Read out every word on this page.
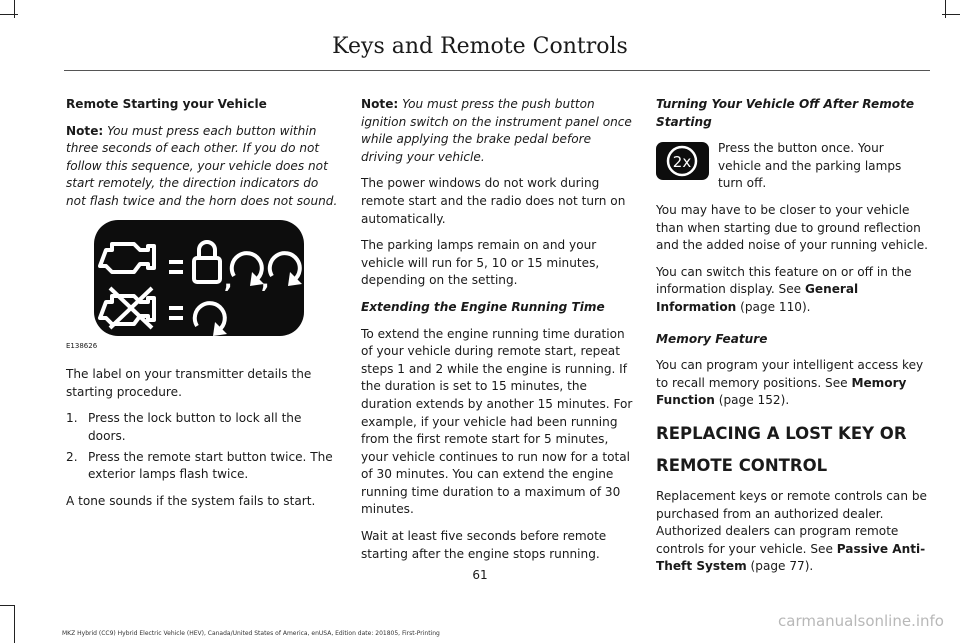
Keys and Remote Controls

Remote Starting your Vehicle

Note: You must press each button within three seconds of each other. If you do not follow this sequence, your vehicle does not start remotely, the direction indicators do not flash twice and the horn does not sound.

, ,
E138626

The label on your transmitter details the starting procedure.

1. Press the lock button to lock all the doors.
2. Press the remote start button twice. The exterior lamps flash twice.

A tone sounds if the system fails to start.

Note: You must press the push button ignition switch on the instrument panel once while applying the brake pedal before driving your vehicle.

The power windows do not work during remote start and the radio does not turn on automatically.

The parking lamps remain on and your vehicle will run for 5, 10 or 15 minutes, depending on the setting.

Extending the Engine Running Time

To extend the engine running time duration of your vehicle during remote start, repeat steps 1 and 2 while the engine is running. If the duration is set to 15 minutes, the duration extends by another 15 minutes. For example, if your vehicle had been running from the first remote start for 5 minutes, your vehicle continues to run now for a total of 30 minutes. You can extend the engine running time duration to a maximum of 30 minutes.

Wait at least five seconds before remote starting after the engine stops running.

Turning Your Vehicle Off After Remote Starting

2x
Press the button once. Your vehicle and the parking lamps turn off.

You may have to be closer to your vehicle than when starting due to ground reflection and the added noise of your running vehicle.

You can switch this feature on or off in the information display. See General Information (page 110).

Memory Feature

You can program your intelligent access key to recall memory positions. See Memory Function (page 152).

REPLACING A LOST KEY OR
REMOTE CONTROL

Replacement keys or remote controls can be purchased from an authorized dealer. Authorized dealers can program remote controls for your vehicle. See Passive Anti-Theft System (page 77).

61
MKZ Hybrid (CC9) Hybrid Electric Vehicle (HEV), Canada/United States of America, enUSA, Edition date: 201805, First-Printing
carmanualsonline.info
